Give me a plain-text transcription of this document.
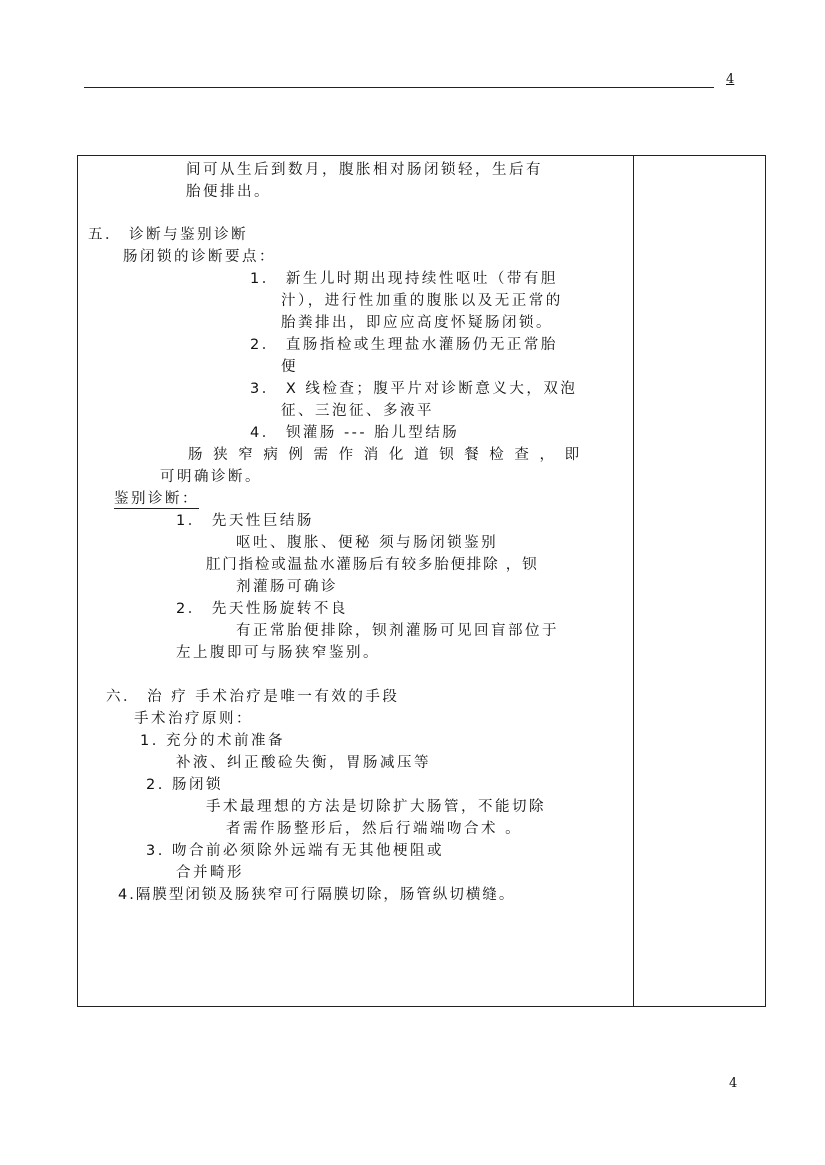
4
间可从生后到数月，腹胀相对肠闭锁轻，生后有
胎便排出。
五． 诊断与鉴别诊断
肠闭锁的诊断要点：
1． 新生儿时期出现持续性呕吐（带有胆
汁），进行性加重的腹胀以及无正常的
胎粪排出，即应应高度怀疑肠闭锁。
2． 直肠指检或生理盐水灌肠仍无正常胎
便
3． X 线检查；腹平片对诊断意义大，双泡
征、三泡征、多液平
4． 钡灌肠 --- 胎儿型结肠
肠 狭 窄 病 例 需 作 消 化 道 钡 餐 检 查 ， 即
可明确诊断。
鉴别诊断：
1． 先天性巨结肠
呕吐、腹胀、便秘 须与肠闭锁鉴别
肛门指检或温盐水灌肠后有较多胎便排除 ，钡
剂灌肠可确诊
2． 先天性肠旋转不良
有正常胎便排除，钡剂灌肠可见回盲部位于
左上腹即可与肠狭窄鉴别。
六． 治 疗 手术治疗是唯一有效的手段
手术治疗原则：
1. 充分的术前准备
补液、纠正酸硷失衡，胃肠减压等
2. 肠闭锁
手术最理想的方法是切除扩大肠管，不能切除
者需作肠整形后，然后行端端吻合术 。
3. 吻合前必须除外远端有无其他梗阻或
合并畸形
4.隔膜型闭锁及肠狭窄可行隔膜切除，肠管纵切横缝。
4
